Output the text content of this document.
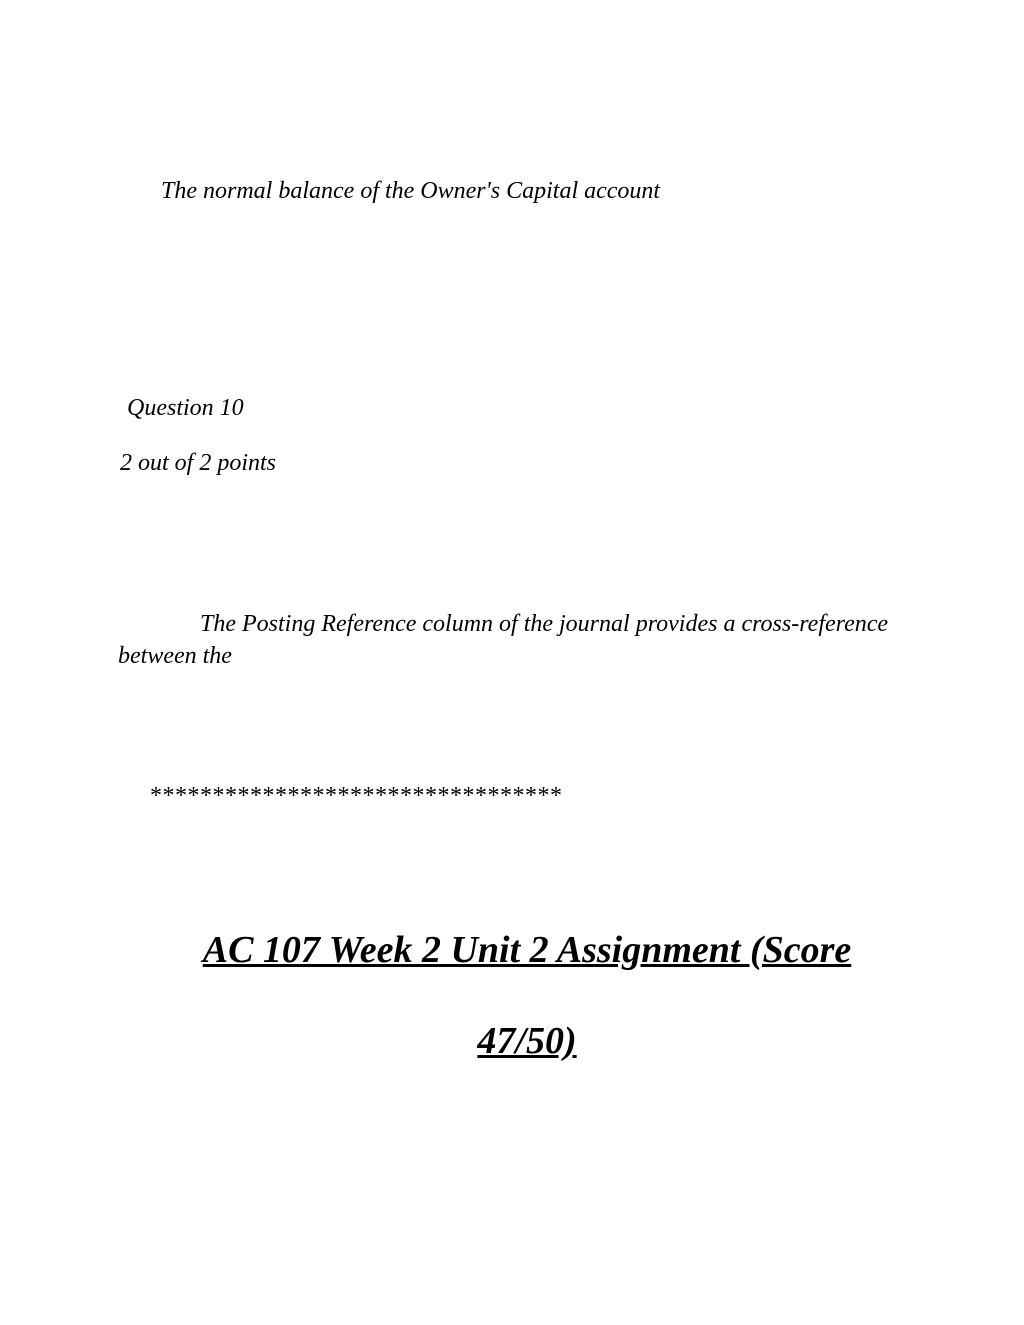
The normal balance of the Owner's Capital account

Question 10

2 out of 2 points

The Posting Reference column of the journal provides a cross-reference between the

*********************************

AC 107 Week 2 Unit 2 Assignment (Score
47/50)
